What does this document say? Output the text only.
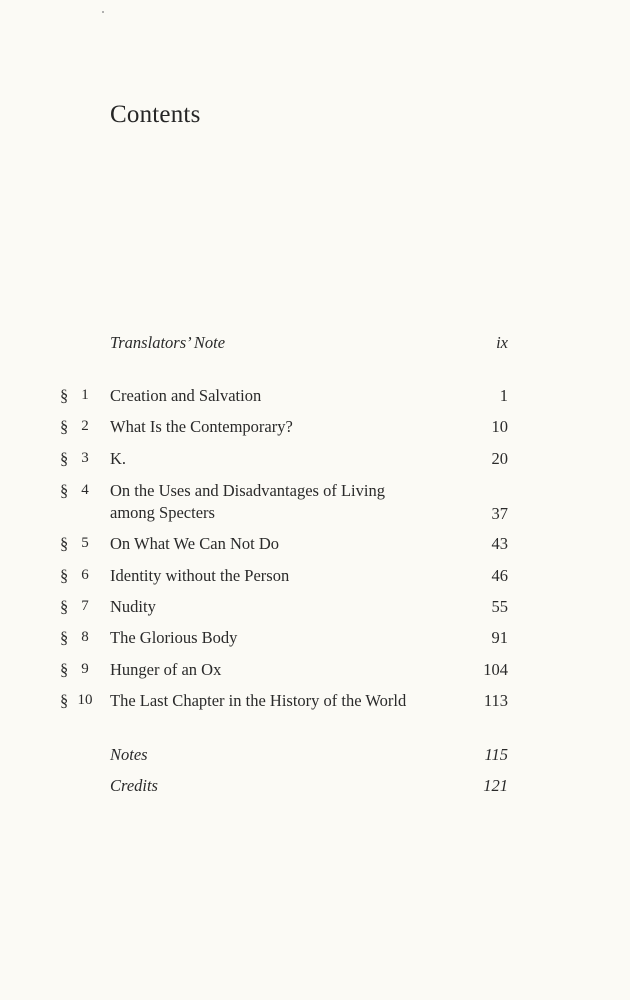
Contents
Translators’ Note	ix
§ 1	Creation and Salvation	1
§ 2	What Is the Contemporary?	10
§ 3	K.	20
§ 4	On the Uses and Disadvantages of Living
among Specters	37
§ 5	On What We Can Not Do	43
§ 6	Identity without the Person	46
§ 7	Nudity	55
§ 8	The Glorious Body	91
§ 9	Hunger of an Ox	104
§ 10 The Last Chapter in the History of the World	113
Notes	115
Credits	121
